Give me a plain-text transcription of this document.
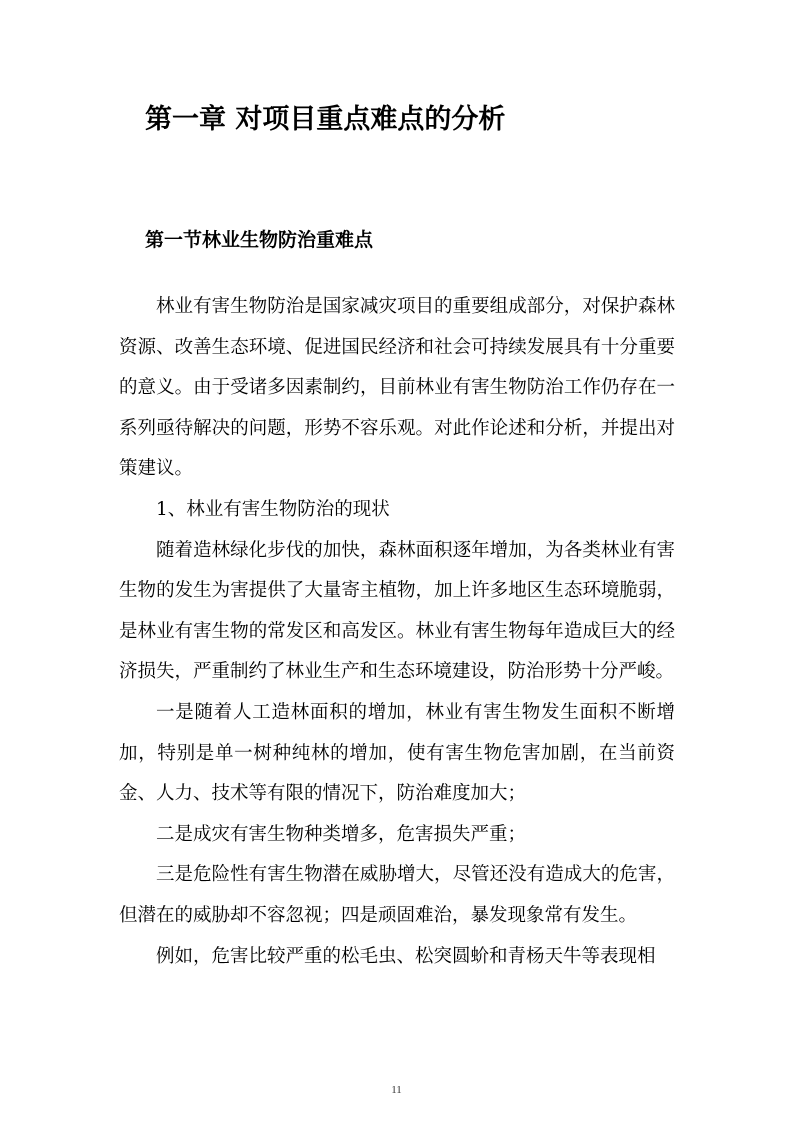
第一章 对项目重点难点的分析
第一节林业生物防治重难点

林业有害生物防治是国家减灾项目的重要组成部分，对保护森林资源、改善生态环境、促进国民经济和社会可持续发展具有十分重要的意义。由于受诸多因素制约，目前林业有害生物防治工作仍存在一系列亟待解决的问题，形势不容乐观。对此作论述和分析，并提出对策建议。

1、林业有害生物防治的现状

随着造林绿化步伐的加快，森林面积逐年增加，为各类林业有害生物的发生为害提供了大量寄主植物，加上许多地区生态环境脆弱，是林业有害生物的常发区和高发区。林业有害生物每年造成巨大的经济损失，严重制约了林业生产和生态环境建设，防治形势十分严峻。

一是随着人工造林面积的增加，林业有害生物发生面积不断增加，特别是单一树种纯林的增加，使有害生物危害加剧，在当前资金、人力、技术等有限的情况下，防治难度加大；

二是成灾有害生物种类增多，危害损失严重；

三是危险性有害生物潜在威胁增大，尽管还没有造成大的危害，但潜在的威胁却不容忽视；四是顽固难治，暴发现象常有发生。

例如，危害比较严重的松毛虫、松突圆蚧和青杨天牛等表现相

11
